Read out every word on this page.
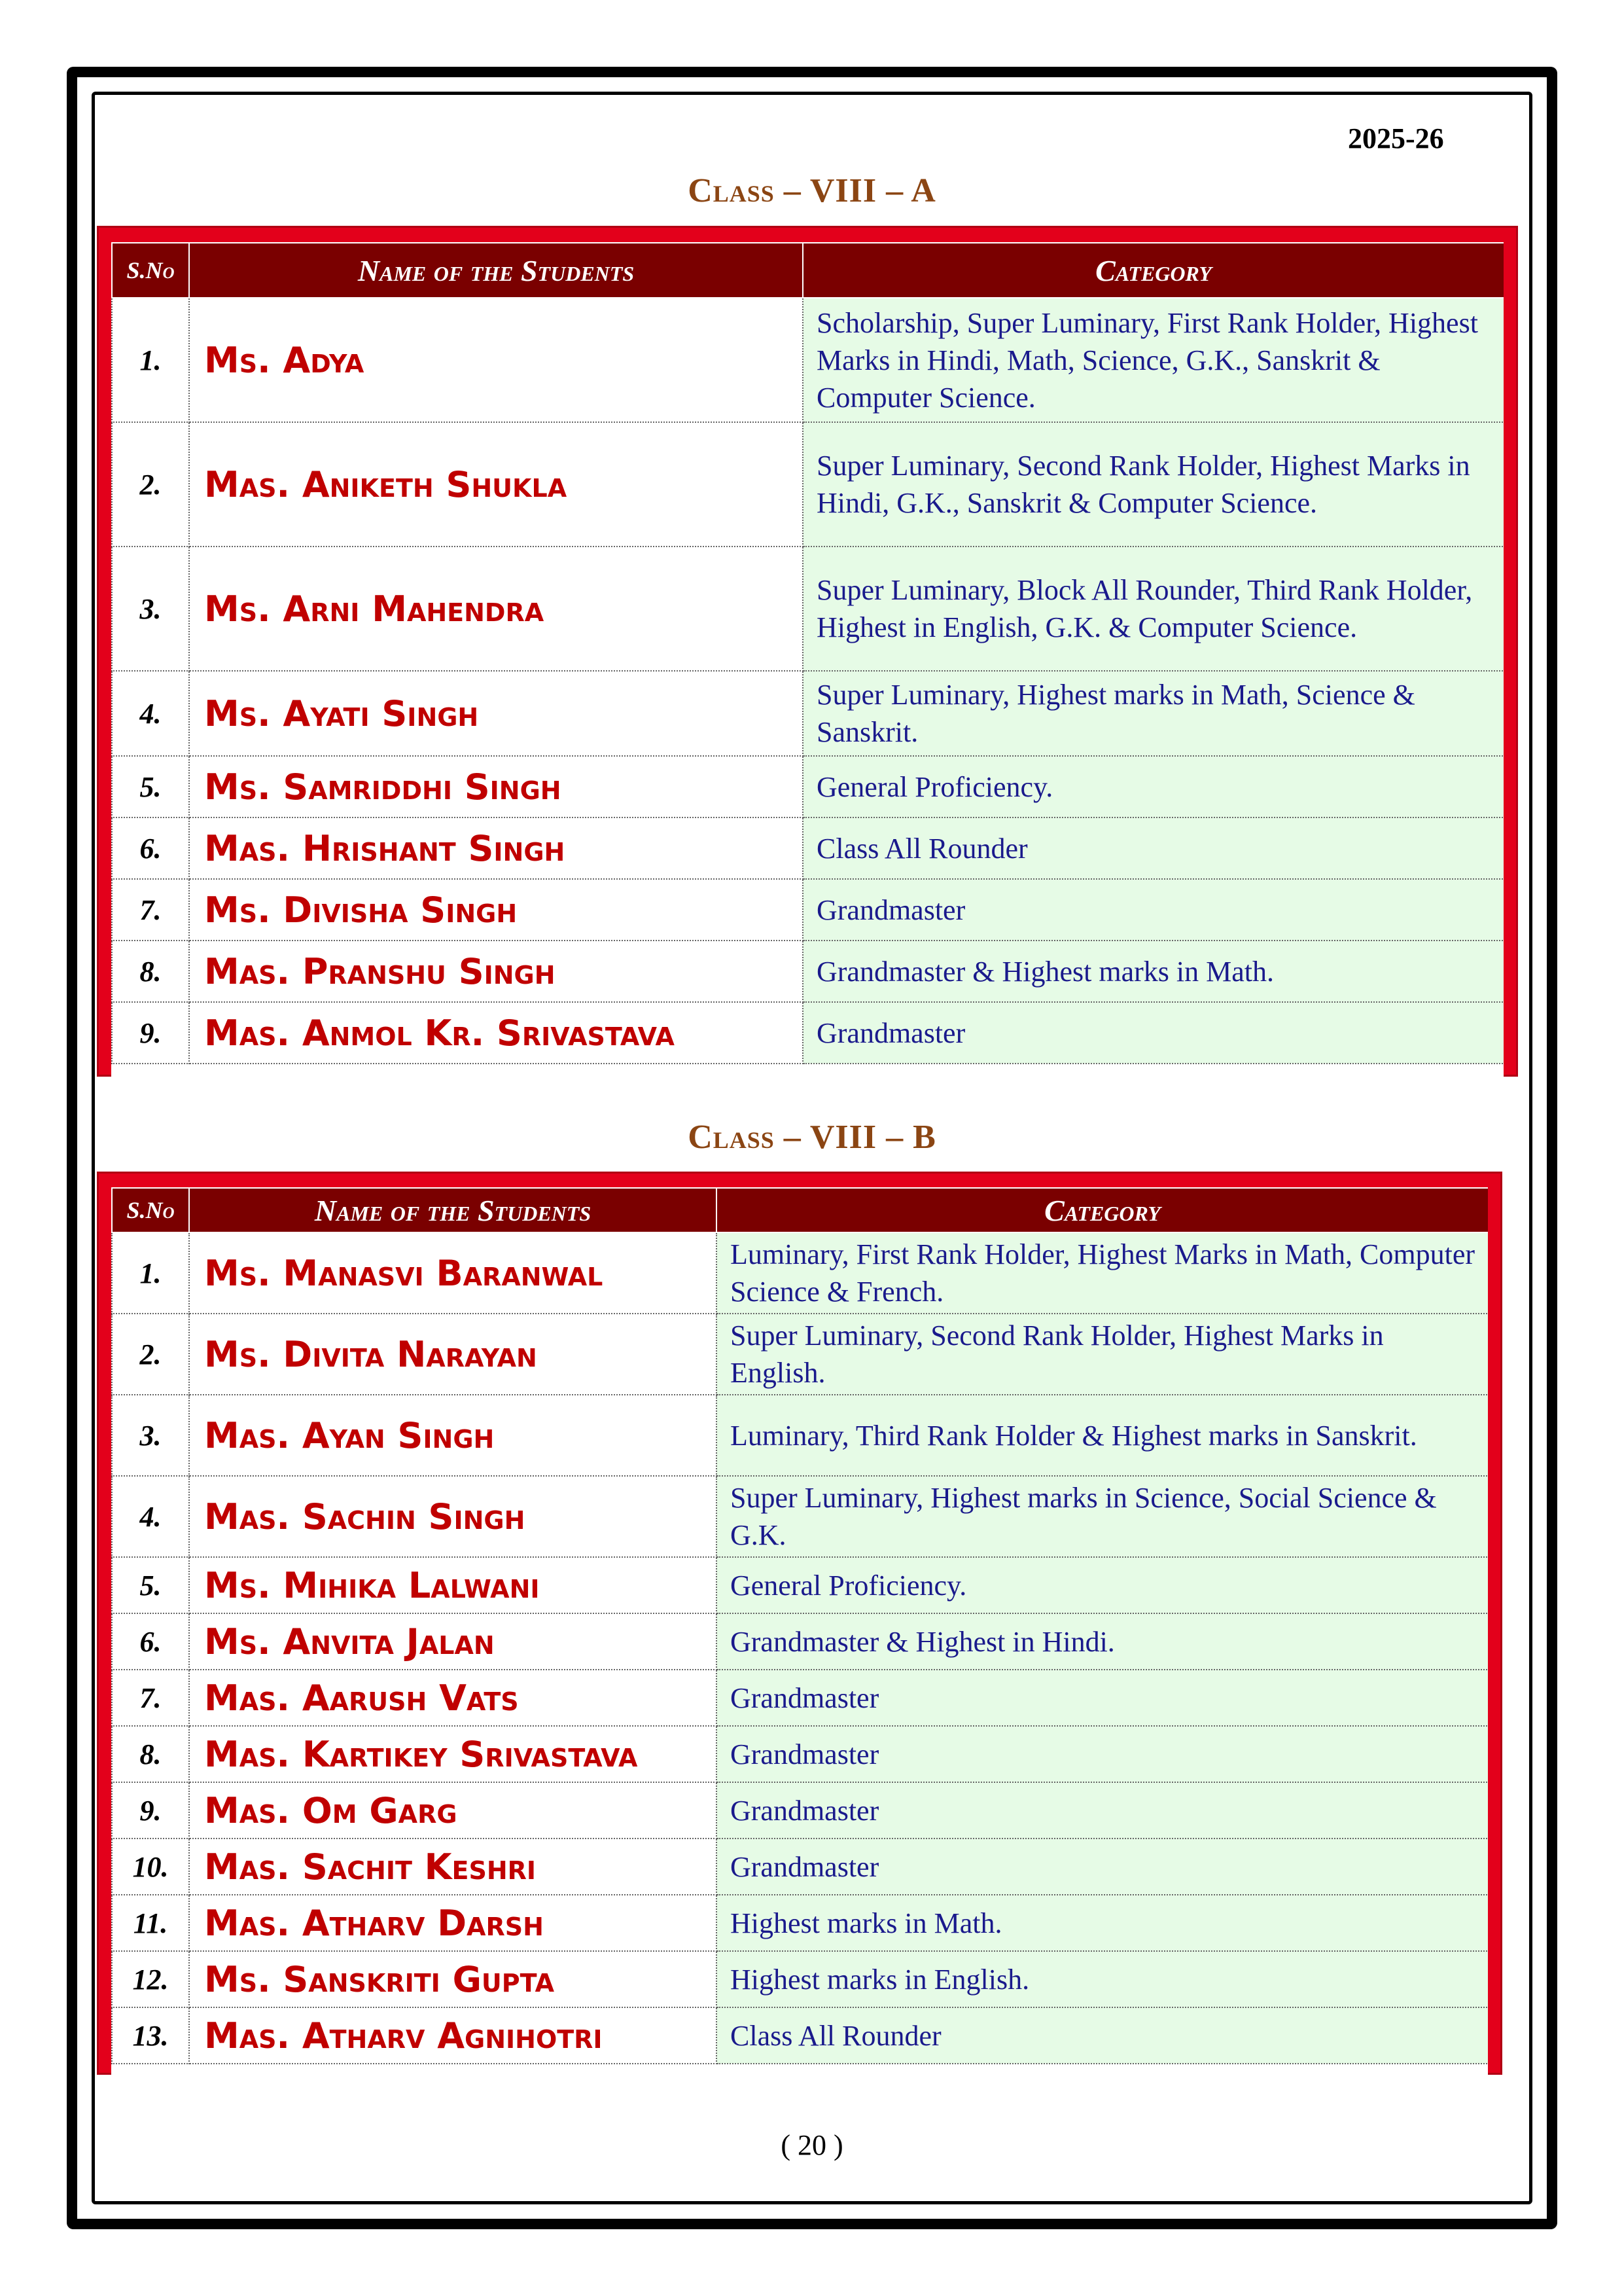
2025-26
Class – VIII – A
S.No	Name of the Students	Category
1.	Ms. Adya	Scholarship, Super Luminary, First Rank Holder, Highest Marks in Hindi, Math, Science, G.K., Sanskrit & Computer Science.
2.	Mas. Aniketh Shukla	Super Luminary, Second Rank Holder, Highest Marks in Hindi, G.K., Sanskrit & Computer Science.
3.	Ms. Arni Mahendra	Super Luminary, Block All Rounder, Third Rank Holder, Highest in English, G.K. & Computer Science.
4.	Ms. Ayati Singh	Super Luminary, Highest marks in Math, Science & Sanskrit.
5.	Ms. Samriddhi Singh	General Proficiency.
6.	Mas. Hrishant Singh	Class All Rounder
7.	Ms. Divisha Singh	Grandmaster
8.	Mas. Pranshu Singh	Grandmaster & Highest marks in Math.
9.	Mas. Anmol Kr. Srivastava	Grandmaster
Class – VIII – B
S.No	Name of the Students	Category
1.	Ms. Manasvi Baranwal	Luminary, First Rank Holder, Highest Marks in Math, Computer Science & French.
2.	Ms. Divita Narayan	Super Luminary, Second Rank Holder, Highest Marks in English.
3.	Mas. Ayan Singh	Luminary, Third Rank Holder & Highest marks in Sanskrit.
4.	Mas. Sachin Singh	Super Luminary, Highest marks in Science, Social Science & G.K.
5.	Ms. Mihika Lalwani	General Proficiency.
6.	Ms. Anvita Jalan	Grandmaster & Highest in Hindi.
7.	Mas. Aarush Vats	Grandmaster
8.	Mas. Kartikey Srivastava	Grandmaster
9.	Mas. Om Garg	Grandmaster
10.	Mas. Sachit Keshri	Grandmaster
11.	Mas. Atharv Darsh	Highest marks in Math.
12.	Ms. Sanskriti Gupta	Highest marks in English.
13.	Mas. Atharv Agnihotri	Class All Rounder
( 20 )
